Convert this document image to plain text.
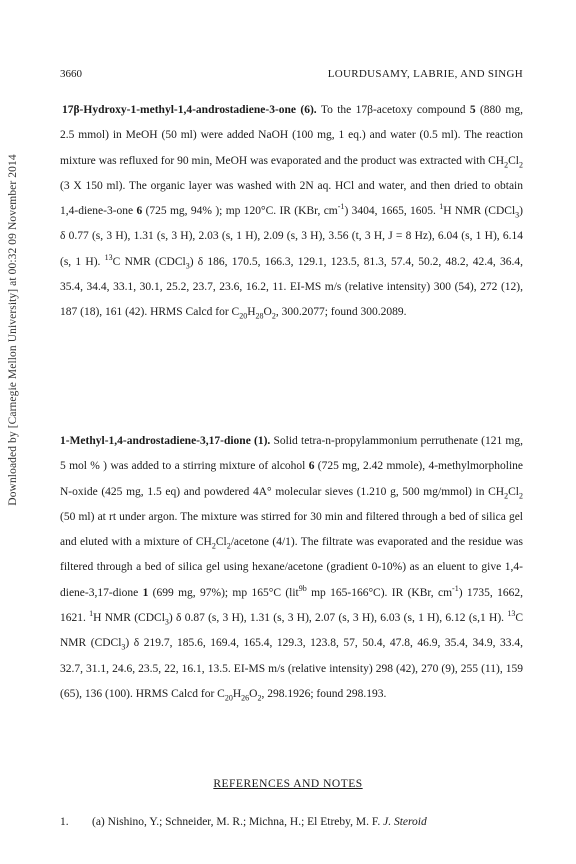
Downloaded by [Carnegie Mellon University] at 00:32 09 November 2014
3660	LOURDUSAMY, LABRIE, AND SINGH

17β-Hydroxy-1-methyl-1,4-androstadiene-3-one (6). To the 17β-acetoxy compound 5 (880 mg, 2.5 mmol) in MeOH (50 ml) were added NaOH (100 mg, 1 eq.) and water (0.5 ml). The reaction mixture was refluxed for 90 min, MeOH was evaporated and the product was extracted with $CH_2Cl_2$ (3 X 150 ml). The organic layer was washed with 2N aq. HCl and water, and then dried to obtain 1,4-diene-3-one 6 (725 mg, 94% ); mp 120°C. IR (KBr, $cm^{-1}$) 3404, 1665, 1605. $^1$H NMR (CDCl$_3$) δ 0.77 (s, 3 H), 1.31 (s, 3 H), 2.03 (s, 1 H), 2.09 (s, 3 H), 3.56 (t, 3 H, J = 8 Hz), 6.04 (s, 1 H), 6.14 (s, 1 H). $^{13}$C NMR (CDCl$_3$) δ 186, 170.5, 166.3, 129.1, 123.5, 81.3, 57.4, 50.2, 48.2, 42.4, 36.4, 35.4, 34.4, 33.1, 30.1, 25.2, 23.7, 23.6, 16.2, 11. EI-MS m/s (relative intensity) 300 (54), 272 (12), 187 (18), 161 (42). HRMS Calcd for $C_{20}H_{28}O_2$, 300.2077; found 300.2089.

1-Methyl-1,4-androstadiene-3,17-dione (1). Solid tetra-n-propylammonium perruthenate (121 mg, 5 mol % ) was added to a stirring mixture of alcohol 6 (725 mg, 2.42 mmole), 4-methylmorpholine N-oxide (425 mg, 1.5 eq) and powdered 4A° molecular sieves (1.210 g, 500 mg/mmol) in $CH_2Cl_2$ (50 ml) at rt under argon. The mixture was stirred for 30 min and filtered through a bed of silica gel and eluted with a mixture of $CH_2Cl_2$/acetone (4/1). The filtrate was evaporated and the residue was filtered through a bed of silica gel using hexane/acetone (gradient 0-10%) as an eluent to give 1,4-diene-3,17-dione 1 (699 mg, 97%); mp 165°C (lit$^{9b}$ mp 165-166°C). IR (KBr, $cm^{-1}$) 1735, 1662, 1621. $^1$H NMR (CDCl$_3$) δ 0.87 (s, 3 H), 1.31 (s, 3 H), 2.07 (s, 3 H), 6.03 (s, 1 H), 6.12 (s,1 H). $^{13}$C NMR (CDCl$_3$) δ 219.7, 185.6, 169.4, 165.4, 129.3, 123.8, 57, 50.4, 47.8, 46.9, 35.4, 34.9, 33.4, 32.7, 31.1, 24.6, 23.5, 22, 16.1, 13.5. EI-MS m/s (relative intensity) 298 (42), 270 (9), 255 (11), 159 (65), 136 (100). HRMS Calcd for $C_{20}H_{26}O_2$, 298.1926; found 298.193.

REFERENCES AND NOTES
1. (a) Nishino, Y.; Schneider, M. R.; Michna, H.; El Etreby, M. F. J. Steroid
